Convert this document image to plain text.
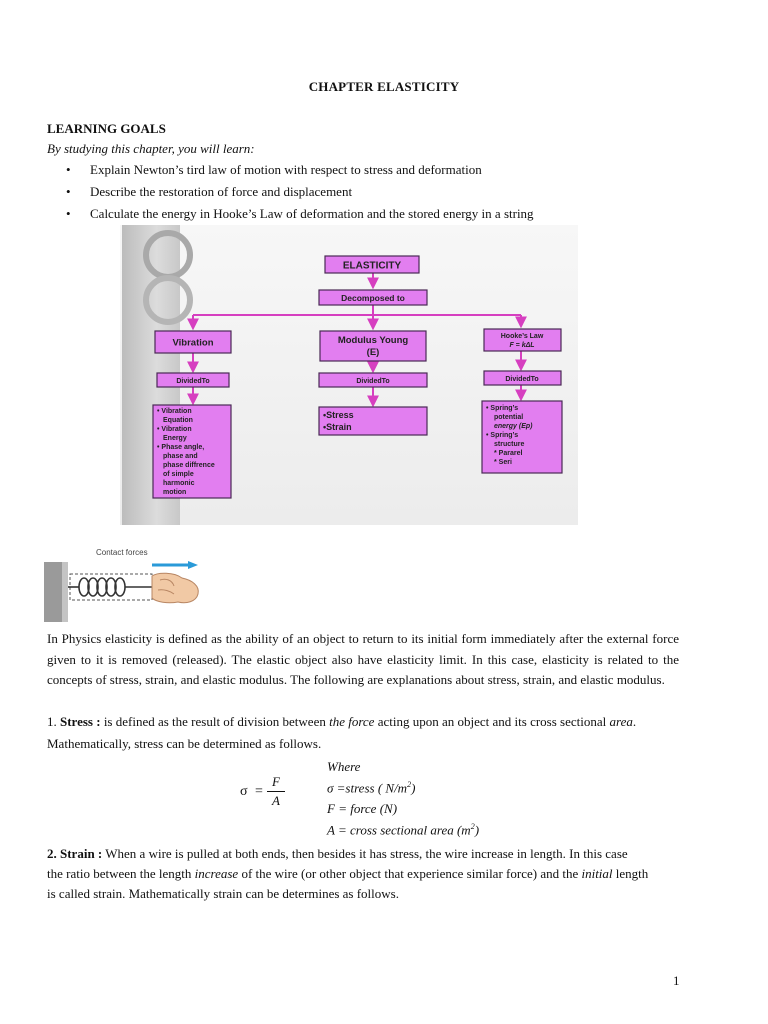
CHAPTER ELASTICITY
LEARNING GOALS
By studying this chapter, you will learn:
• Explain Newton’s tird law of motion with respect to stress and deformation
• Describe the restoration of force and displacement
• Calculate the energy in Hooke’s Law of deformation and the stored energy in a string
ELASTICITY
Decomposed to
Vibration
DividedTo
• Vibration
Equation
• Vibration
Energy
• Phase angle,
phase and
phase diffrence
of simple
harmonic
motion
Modulus Young
(E)
DividedTo
•Stress
•Strain
Hooke’s Law
F = kΔL
DividedTo
• Spring’s
potential
energy (Ep)
• Spring’s
structure
* Pararel
* Seri
Contact forces
In Physics elasticity is defined as the ability of an object to return to its initial form immediately after the external force given to it is removed (released). The elastic object also have elasticity limit. In this case, elasticity is related to the concepts of stress, strain, and elastic modulus. The following are explanations about stress, strain, and elastic modulus.
1. Stress : is defined as the result of division between the force acting upon an object and its cross sectional area.
Mathematically, stress can be determined as follows.
σ =
F
A
Where
σ =stress ( $N/m^2$)
F = force (N)
A = cross sectional area $(m^2)$
2. Strain : When a wire is pulled at both ends, then besides it has stress, the wire increase in length. In this case
the ratio between the length increase of the wire (or other object that experience similar force) and the initial length
is called strain. Mathematically strain can be determines as follows.
1
